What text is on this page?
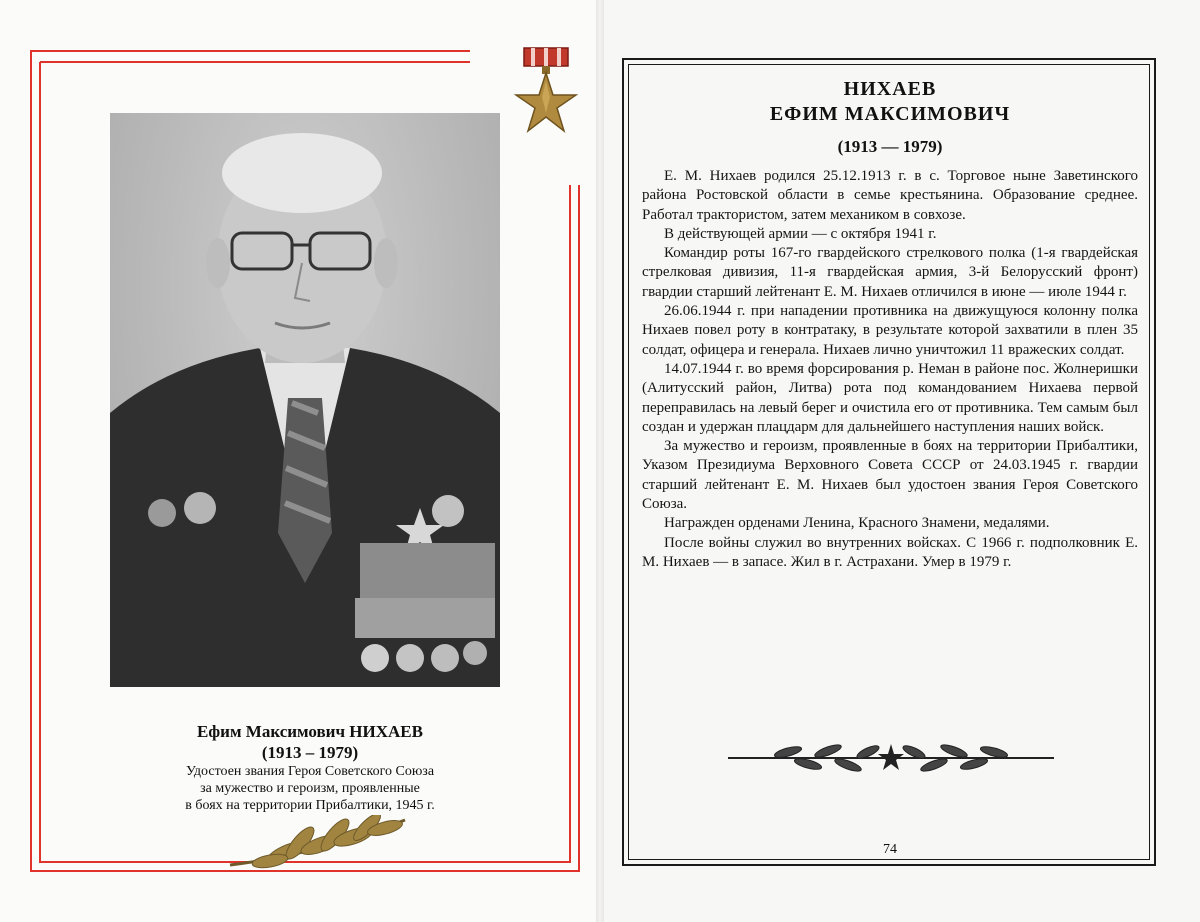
Ефим Максимович НИХАЕВ
(1913 – 1979)
Удостоен звания Героя Советского Союза
за мужество и героизм, проявленные
в боях на территории Прибалтики, 1945 г.
НИХАЕВ
ЕФИМ МАКСИМОВИЧ
(1913 — 1979)

Е. М. Нихаев родился 25.12.1913 г. в с. Торговое ныне Заветинского района Ростовской области в семье крестьянина. Образование среднее. Работал трактористом, затем механиком в совхозе.

В действующей армии — с октября 1941 г.

Командир роты 167-го гвардейского стрелкового полка (1-я гвардейская стрелковая дивизия, 11-я гвардейская армия, 3-й Белорусский фронт) гвардии старший лейтенант Е. М. Нихаев отличился в июне — июле 1944 г.

26.06.1944 г. при нападении противника на движущуюся колонну полка Нихаев повел роту в контратаку, в результате которой захватили в плен 35 солдат, офицера и генерала. Нихаев лично уничтожил 11 вражеских солдат.

14.07.1944 г. во время форсирования р. Неман в районе пос. Жолнеришки (Алитусский район, Литва) рота под командованием Нихаева первой переправилась на левый берег и очистила его от противника. Тем самым был создан и удержан плацдарм для дальнейшего наступления наших войск.

За мужество и героизм, проявленные в боях на территории Прибалтики, Указом Президиума Верховного Совета СССР от 24.03.1945 г. гвардии старший лейтенант Е. М. Нихаев был удостоен звания Героя Советского Союза.

Награжден орденами Ленина, Красного Знамени, медалями.

После войны служил во внутренних войсках. С 1966 г. подполковник Е. М. Нихаев — в запасе. Жил в г. Астрахани. Умер в 1979 г.

74
